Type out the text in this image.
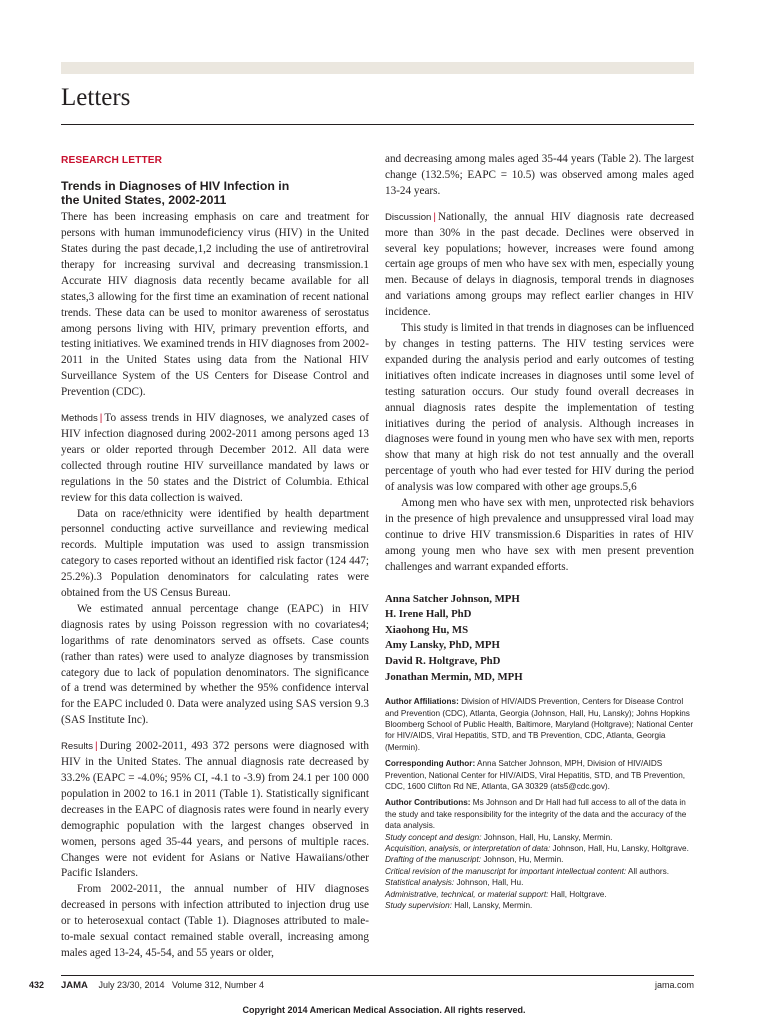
Letters
RESEARCH LETTER
Trends in Diagnoses of HIV Infection in the United States, 2002-2011

There has been increasing emphasis on care and treatment for persons with human immunodeficiency virus (HIV) in the United States during the past decade,1,2 including the use of antiretroviral therapy for increasing survival and decreasing transmission.1 Accurate HIV diagnosis data recently became available for all states,3 allowing for the first time an examination of recent national trends. These data can be used to monitor awareness of serostatus among persons living with HIV, primary prevention efforts, and testing initiatives. We examined trends in HIV diagnoses from 2002-2011 in the United States using data from the National HIV Surveillance System of the US Centers for Disease Control and Prevention (CDC).

Methods | To assess trends in HIV diagnoses, we analyzed cases of HIV infection diagnosed during 2002-2011 among persons aged 13 years or older reported through December 2012. All data were collected through routine HIV surveillance mandated by laws or regulations in the 50 states and the District of Columbia. Ethical review for this data collection is waived.

Data on race/ethnicity were identified by health department personnel conducting active surveillance and reviewing medical records. Multiple imputation was used to assign transmission category to cases reported without an identified risk factor (124 447; 25.2%).3 Population denominators for calculating rates were obtained from the US Census Bureau.

We estimated annual percentage change (EAPC) in HIV diagnosis rates by using Poisson regression with no covariates4; logarithms of rate denominators served as offsets. Case counts (rather than rates) were used to analyze diagnoses by transmission category due to lack of population denominators. The significance of a trend was determined by whether the 95% confidence interval for the EAPC included 0. Data were analyzed using SAS version 9.3 (SAS Institute Inc).

Results | During 2002-2011, 493 372 persons were diagnosed with HIV in the United States. The annual diagnosis rate decreased by 33.2% (EAPC = -4.0%; 95% CI, -4.1 to -3.9) from 24.1 per 100 000 population in 2002 to 16.1 in 2011 (Table 1). Statistically significant decreases in the EAPC of diagnosis rates were found in nearly every demographic population with the largest changes observed in women, persons aged 35-44 years, and persons of multiple races. Changes were not evident for Asians or Native Hawaiians/other Pacific Islanders.

From 2002-2011, the annual number of HIV diagnoses decreased in persons with infection attributed to injection drug use or to heterosexual contact (Table 1). Diagnoses attributed to male-to-male sexual contact remained stable overall, increasing among males aged 13-24, 45-54, and 55 years or older,

and decreasing among males aged 35-44 years (Table 2). The largest change (132.5%; EAPC = 10.5) was observed among males aged 13-24 years.

Discussion | Nationally, the annual HIV diagnosis rate decreased more than 30% in the past decade. Declines were observed in several key populations; however, increases were found among certain age groups of men who have sex with men, especially young men. Because of delays in diagnosis, temporal trends in diagnoses and variations among groups may reflect earlier changes in HIV incidence.

This study is limited in that trends in diagnoses can be influenced by changes in testing patterns. The HIV testing services were expanded during the analysis period and early outcomes of testing initiatives often indicate increases in diagnoses until some level of testing saturation occurs. Our study found overall decreases in annual diagnosis rates despite the implementation of testing initiatives during the period of analysis. Although increases in diagnoses were found in young men who have sex with men, reports show that many at high risk do not test annually and the overall percentage of youth who had ever tested for HIV during the period of analysis was low compared with other age groups.5,6

Among men who have sex with men, unprotected risk behaviors in the presence of high prevalence and unsuppressed viral load may continue to drive HIV transmission.6 Disparities in rates of HIV among young men who have sex with men present prevention challenges and warrant expanded efforts.

Anna Satcher Johnson, MPH
H. Irene Hall, PhD
Xiaohong Hu, MS
Amy Lansky, PhD, MPH
David R. Holtgrave, PhD
Jonathan Mermin, MD, MPH

Author Affiliations: Division of HIV/AIDS Prevention, Centers for Disease Control and Prevention (CDC), Atlanta, Georgia (Johnson, Hall, Hu, Lansky); Johns Hopkins Bloomberg School of Public Health, Baltimore, Maryland (Holtgrave); National Center for HIV/AIDS, Viral Hepatitis, STD, and TB Prevention, CDC, Atlanta, Georgia (Mermin).

Corresponding Author: Anna Satcher Johnson, MPH, Division of HIV/AIDS Prevention, National Center for HIV/AIDS, Viral Hepatitis, STD, and TB Prevention, CDC, 1600 Clifton Rd NE, Atlanta, GA 30329 (ats5@cdc.gov).

Author Contributions: Ms Johnson and Dr Hall had full access to all of the data in the study and take responsibility for the integrity of the data and the accuracy of the data analysis.

Study concept and design: Johnson, Hall, Hu, Lansky, Mermin.
Acquisition, analysis, or interpretation of data: Johnson, Hall, Hu, Lansky, Holtgrave.
Drafting of the manuscript: Johnson, Hu, Mermin.
Critical revision of the manuscript for important intellectual content: All authors.
Statistical analysis: Johnson, Hall, Hu.
Administrative, technical, or material support: Hall, Holtgrave.
Study supervision: Hall, Lansky, Mermin.
432 JAMA July 23/30, 2014   Volume 312, Number 4	jama.com
Copyright 2014 American Medical Association. All rights reserved.
